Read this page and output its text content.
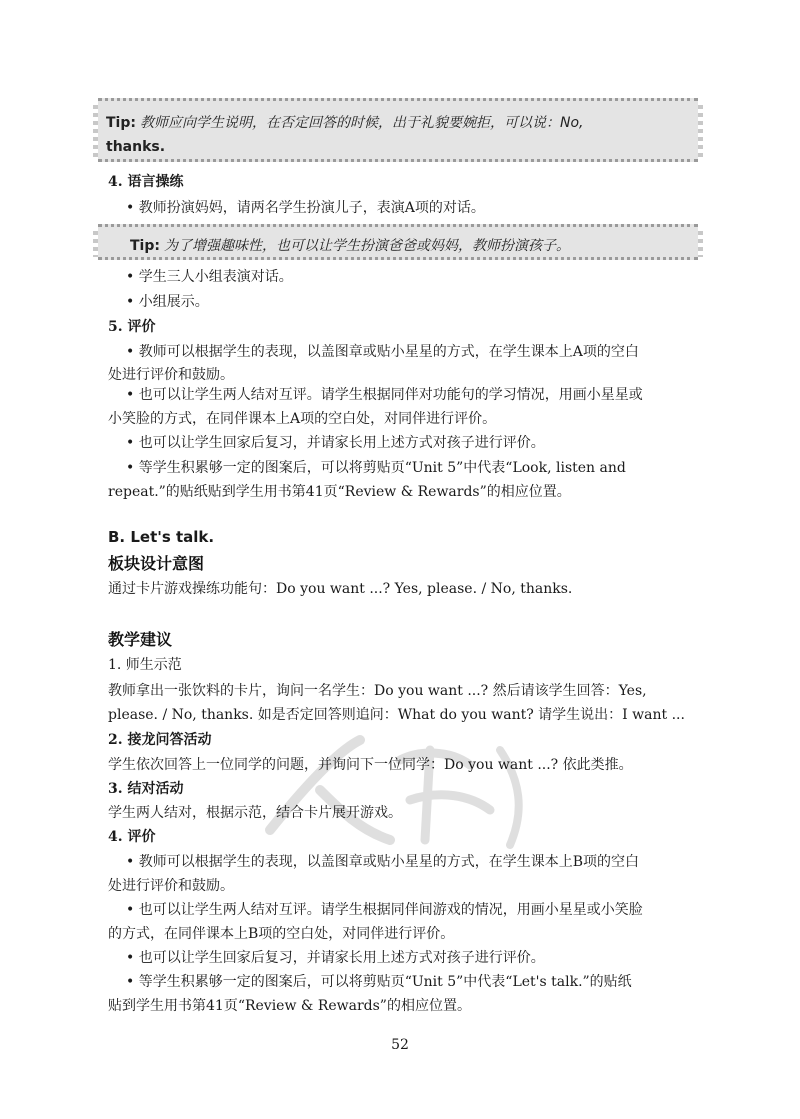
Tip: 教师应向学生说明，在否定回答的时候，出于礼貌要婉拒，可以说：No,
thanks.

4. 语言操练

• 教师扮演妈妈，请两名学生扮演儿子，表演A项的对话。

Tip: 为了增强趣味性，也可以让学生扮演爸爸或妈妈，教师扮演孩子。

• 学生三人小组表演对话。

• 小组展示。

5. 评价

• 教师可以根据学生的表现，以盖图章或贴小星星的方式，在学生课本上A项的空白

处进行评价和鼓励。

• 也可以让学生两人结对互评。请学生根据同伴对功能句的学习情况，用画小星星或

小笑脸的方式，在同伴课本上A项的空白处，对同伴进行评价。

• 也可以让学生回家后复习，并请家长用上述方式对孩子进行评价。

• 等学生积累够一定的图案后，可以将剪贴页“Unit 5”中代表“Look, listen and

repeat.”的贴纸贴到学生用书第41页“Review & Rewards”的相应位置。

B. Let's talk.

板块设计意图

通过卡片游戏操练功能句：Do you want ...? Yes, please. / No, thanks.

教学建议

1. 师生示范

教师拿出一张饮料的卡片，询问一名学生：Do you want ...? 然后请该学生回答：Yes,

please. / No, thanks. 如是否定回答则追问：What do you want? 请学生说出：I want ...

2. 接龙问答活动

学生依次回答上一位同学的问题，并询问下一位同学：Do you want ...? 依此类推。

3. 结对活动

学生两人结对，根据示范，结合卡片展开游戏。

4. 评价

• 教师可以根据学生的表现，以盖图章或贴小星星的方式，在学生课本上B项的空白

处进行评价和鼓励。

• 也可以让学生两人结对互评。请学生根据同伴间游戏的情况，用画小星星或小笑脸

的方式，在同伴课本上B项的空白处，对同伴进行评价。

• 也可以让学生回家后复习，并请家长用上述方式对孩子进行评价。

• 等学生积累够一定的图案后，可以将剪贴页“Unit 5”中代表“Let's talk.”的贴纸

贴到学生用书第41页“Review & Rewards”的相应位置。

52
